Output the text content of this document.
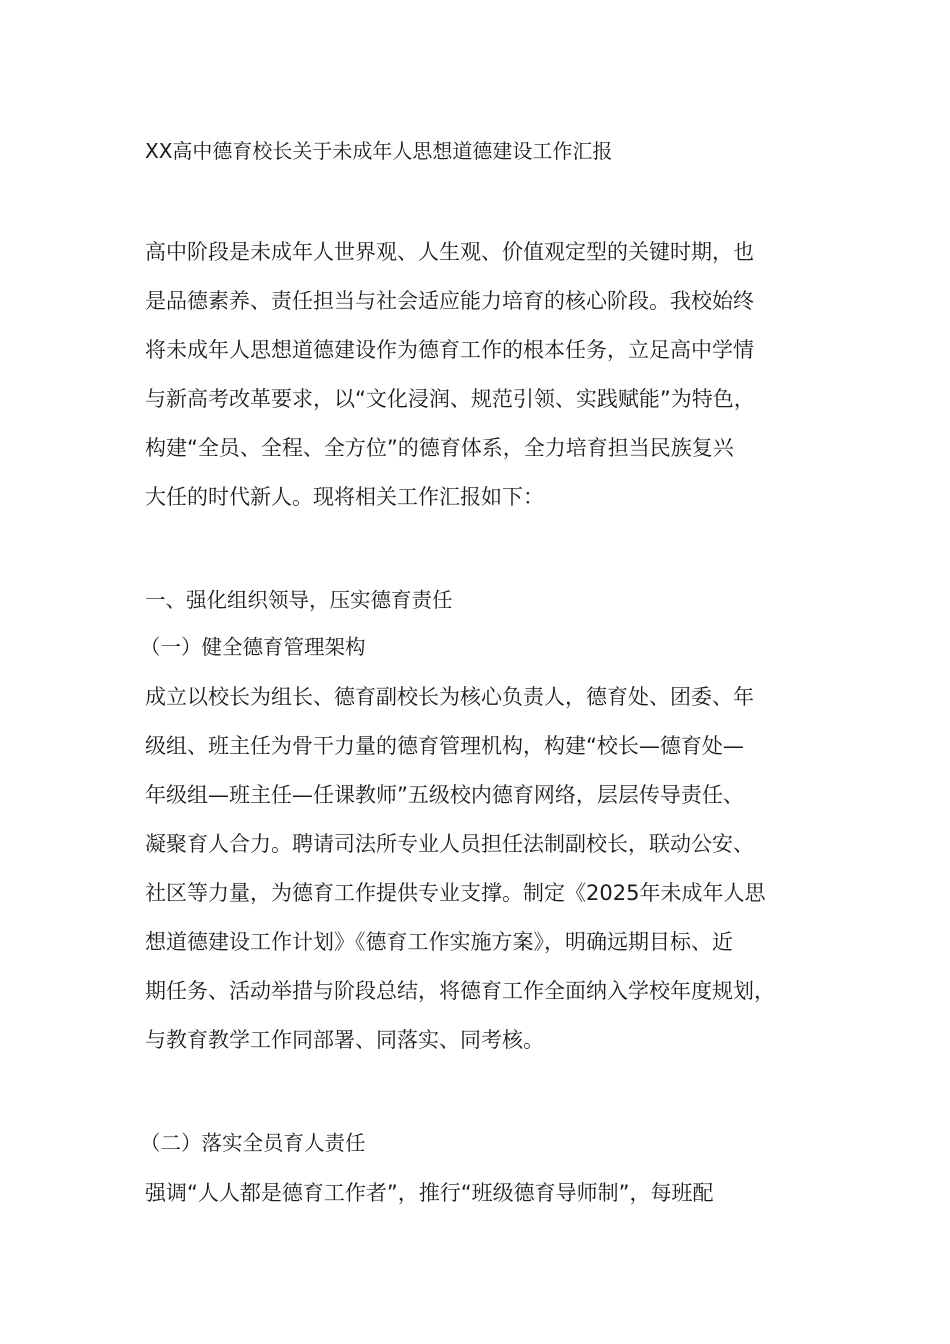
XX高中德育校长关于未成年人思想道德建设工作汇报
高中阶段是未成年人世界观、人生观、价值观定型的关键时期，也
是品德素养、责任担当与社会适应能力培育的核心阶段。我校始终
将未成年人思想道德建设作为德育工作的根本任务，立足高中学情
与新高考改革要求，以“文化浸润、规范引领、实践赋能”为特色，
构建“全员、全程、全方位”的德育体系，全力培育担当民族复兴
大任的时代新人。现将相关工作汇报如下：
一、强化组织领导，压实德育责任
（一）健全德育管理架构
成立以校长为组长、德育副校长为核心负责人，德育处、团委、年
级组、班主任为骨干力量的德育管理机构，构建“校长—德育处—
年级组—班主任—任课教师”五级校内德育网络，层层传导责任、
凝聚育人合力。聘请司法所专业人员担任法制副校长，联动公安、
社区等力量，为德育工作提供专业支撑。制定《2025年未成年人思
想道德建设工作计划》《德育工作实施方案》，明确远期目标、近
期任务、活动举措与阶段总结，将德育工作全面纳入学校年度规划，
与教育教学工作同部署、同落实、同考核。
（二）落实全员育人责任
强调“人人都是德育工作者”，推行“班级德育导师制”，每班配
